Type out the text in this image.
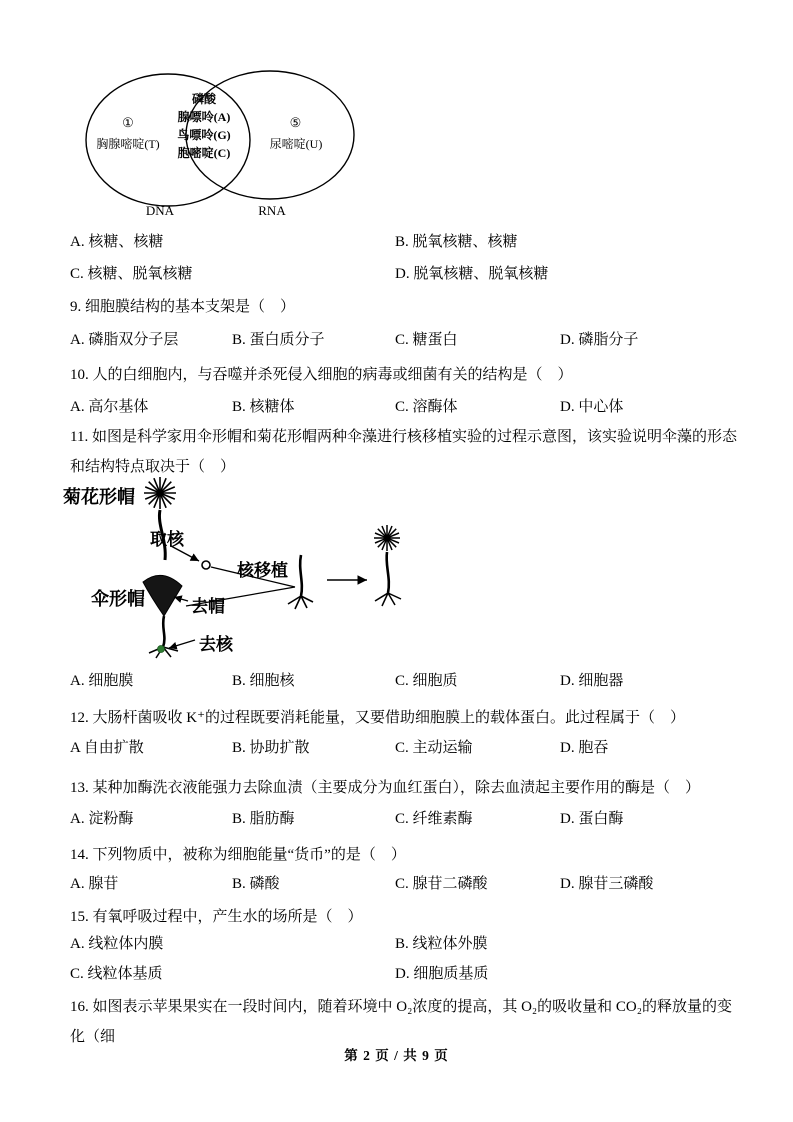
①
胸腺嘧啶(T)
磷酸
腺嘌呤(A)
鸟嘌呤(G)
胞嘧啶(C)
⑤
尿嘧啶(U)
DNA	RNA
A. 核糖、核糖	B. 脱氧核糖、核糖
C. 核糖、脱氧核糖	D. 脱氧核糖、脱氧核糖
9. 细胞膜结构的基本支架是（　）
A. 磷脂双分子层	B. 蛋白质分子	C. 糖蛋白	D. 磷脂分子
10. 人的白细胞内，与吞噬并杀死侵入细胞的病毒或细菌有关的结构是（　）
A. 高尔基体	B. 核糖体	C. 溶酶体	D. 中心体
11. 如图是科学家用伞形帽和菊花形帽两种伞藻进行核移植实验的过程示意图，该实验说明伞藻的形态和结构特点取决于（　）
菊花形帽
取核
核移植
伞形帽	去帽
去核
A. 细胞膜	B. 细胞核	C. 细胞质	D. 细胞器
12. 大肠杆菌吸收 K⁺的过程既要消耗能量，又要借助细胞膜上的载体蛋白。此过程属于（　）
A 自由扩散	B. 协助扩散	C. 主动运输	D. 胞吞
13. 某种加酶洗衣液能强力去除血渍（主要成分为血红蛋白），除去血渍起主要作用的酶是（　）
A. 淀粉酶	B. 脂肪酶	C. 纤维素酶	D. 蛋白酶
14. 下列物质中，被称为细胞能量“货币”的是（　）
A. 腺苷	B. 磷酸	C. 腺苷二磷酸	D. 腺苷三磷酸
15. 有氧呼吸过程中，产生水的场所是（　）
A. 线粒体内膜	B. 线粒体外膜
C. 线粒体基质	D. 细胞质基质
16. 如图表示苹果果实在一段时间内，随着环境中 O₂浓度的提高，其 O₂的吸收量和 CO₂的释放量的变化（细
第 2 页 / 共 9 页
